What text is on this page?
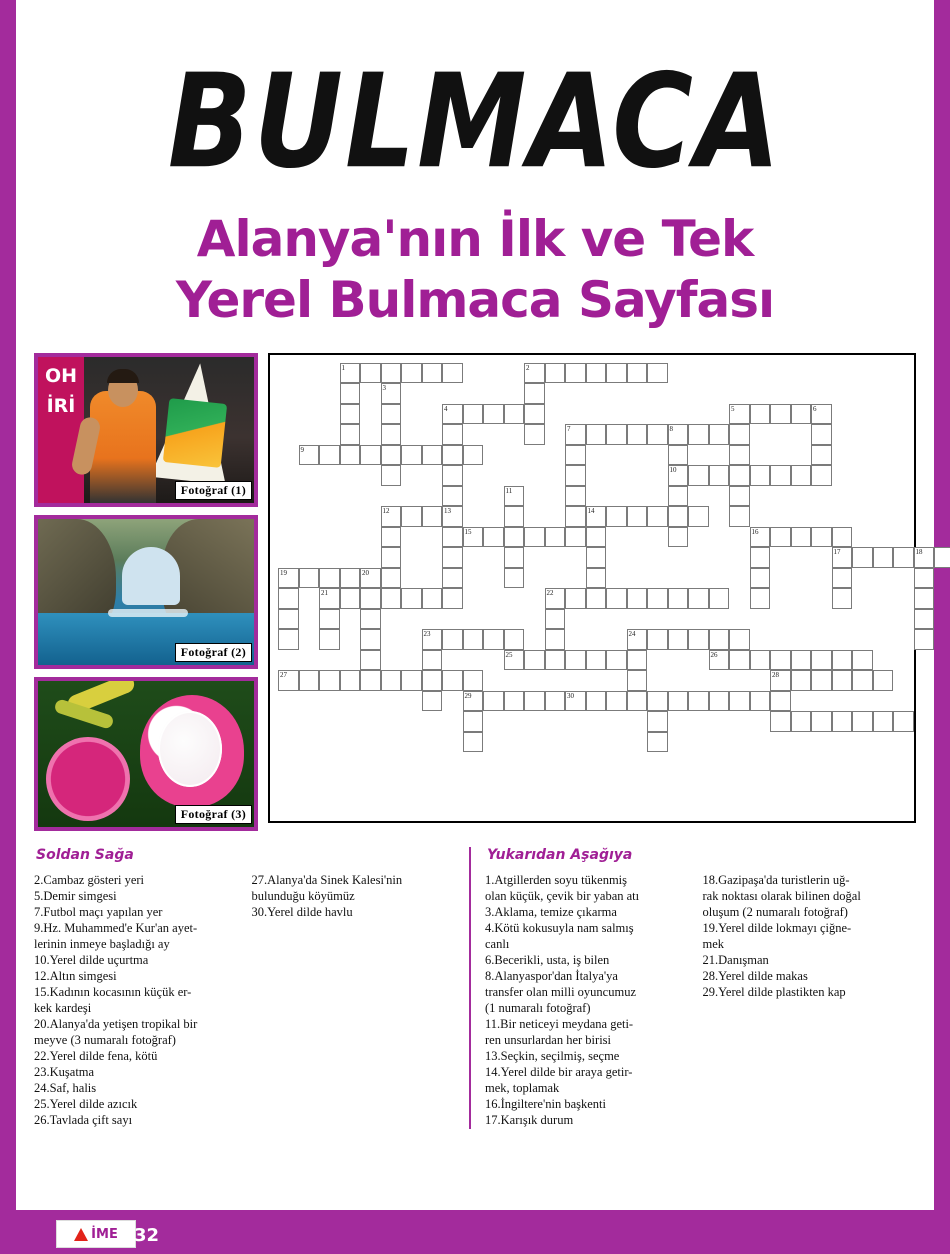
BULMACA
Alanya'nın İlk ve Tek
Yerel Bulmaca Sayfası
OH
İRİ
Fotoğraf (1)
Fotoğraf (2)
Fotoğraf (3)
1	2
3
4
13
5	6
7	8
10
9
11
12	14
15	16
17	18
19	20
21	22
23	24
25	26
27	28
29	30
Soldan Sağa
2.Cambaz gösteri yeri
5.Demir simgesi
7.Futbol maçı yapılan yer
9.Hz. Muhammed'e Kur'an ayet-
lerinin inmeye başladığı ay
10.Yerel dilde uçurtma
12.Altın simgesi
15.Kadının kocasının küçük er-
kek kardeşi
20.Alanya'da yetişen tropikal bir
meyve (3 numaralı fotoğraf)
22.Yerel dilde fena, kötü
23.Kuşatma
24.Saf, halis
25.Yerel dilde azıcık
26.Tavlada çift sayı
27.Alanya'da Sinek Kalesi'nin
bulunduğu köyümüz
30.Yerel dilde havlu
Yukarıdan Aşağıya
1.Atgillerden soyu tükenmiş
olan küçük, çevik bir yaban atı
3.Aklama, temize çıkarma
4.Kötü kokusuyla nam salmış
canlı
6.Becerikli, usta, iş bilen
8.Alanyaspor'dan İtalya'ya
transfer olan milli oyuncumuz
(1 numaralı fotoğraf)
11.Bir neticeyi meydana geti-
ren unsurlardan her birisi
13.Seçkin, seçilmiş, seçme
14.Yerel dilde bir araya getir-
mek, toplamak
16.İngiltere'nin başkenti
17.Karışık durum
18.Gazipaşa'da turistlerin uğ-
rak noktası olarak bilinen doğal
oluşum (2 numaralı fotoğraf)
19.Yerel dilde lokmayı çiğne-
mek
21.Danışman
28.Yerel dilde makas
29.Yerel dilde plastikten kap
İME 32
